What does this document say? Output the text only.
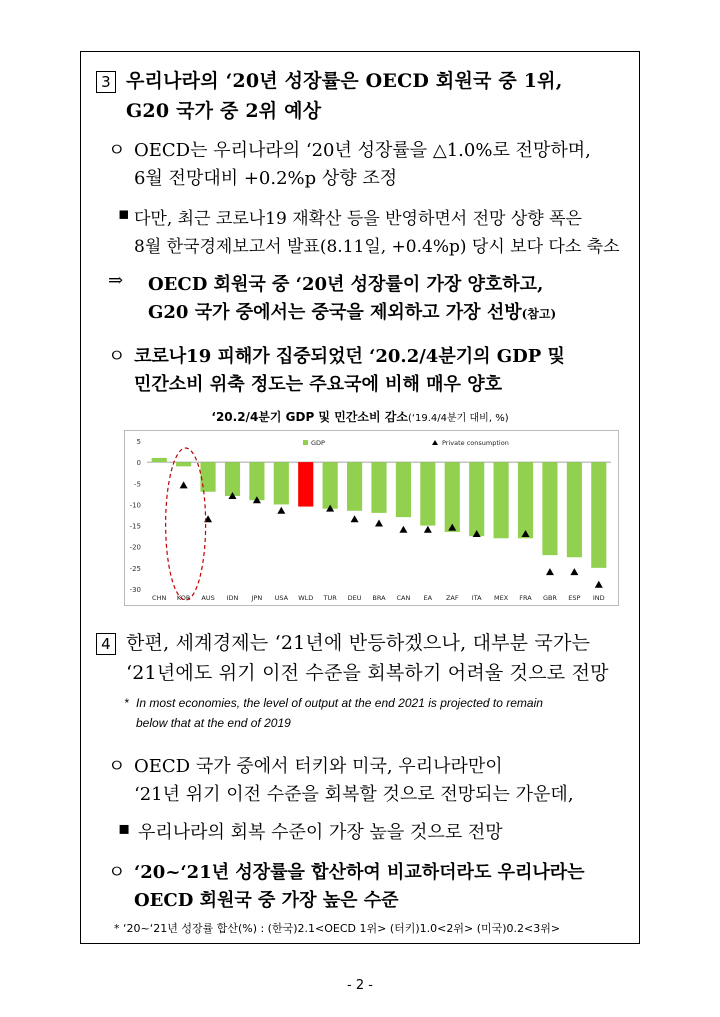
3 우리나라의 ‘20년 성장률은 OECD 회원국 중 1위,
G20 국가 중 2위 예상
ㅇ OECD는 우리나라의 ‘20년 성장률을 △1.0%로 전망하며,
6월 전망대비 +0.2%p 상향 조정
▪ 다만, 최근 코로나19 재확산 등을 반영하면서 전망 상향 폭은
8월 한국경제보고서 발표(8.11일, +0.4%p) 당시 보다 다소 축소
⇒ OECD 회원국 중 ‘20년 성장률이 가장 양호하고,
G20 국가 중에서는 중국을 제외하고 가장 선방(참고)
ㅇ 코로나19 피해가 집중되었던 ‘20.2/4분기의 GDP 및
민간소비 위축 정도는 주요국에 비해 매우 양호
‘20.2/4분기 GDP 및 민간소비 감소(‘19.4/4분기 대비, %)
5
0
-5
-10
-15
-20
-25
-30
CHN KOR AUS IDN JPN USA WLD TUR DEU BRA CAN EA ZAF ITA MEX FRA GBR ESP IND
GDP	Private consumption
4 한편, 세계경제는 ‘21년에 반등하겠으나, 대부분 국가는
‘21년에도 위기 이전 수준을 회복하기 어려울 것으로 전망
* In most economies, the level of output at the end 2021 is projected to remain
below that at the end of 2019
ㅇ OECD 국가 중에서 터키와 미국, 우리나라만이
‘21년 위기 이전 수준을 회복할 것으로 전망되는 가운데,
▪ 우리나라의 회복 수준이 가장 높을 것으로 전망
ㅇ ‘20~‘21년 성장률을 합산하여 비교하더라도 우리나라는
OECD 회원국 중 가장 높은 수준
* ‘20~‘21년 성장률 합산(%) : (한국)2.1<OECD 1위> (터키)1.0<2위> (미국)0.2<3위>
- 2 -
